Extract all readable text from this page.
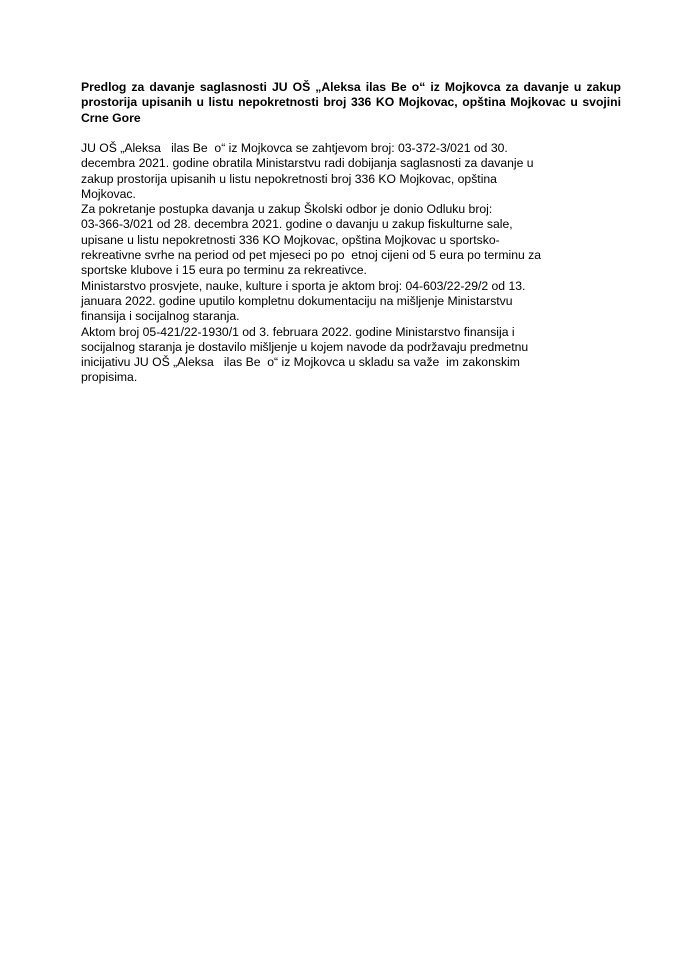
Predlog za davanje saglasnosti JU OŠ „Aleksa ilas Be o“ iz Mojkovca za davanje u zakup prostorija upisanih u listu nepokretnosti broj 336 KO Mojkovac, opština Mojkovac u svojini Crne Gore

JU OŠ „Aleksa   ilas Be  o“ iz Mojkovca se zahtjevom broj: 03-372-3/021 od 30.
decembra 2021. godine obratila Ministarstvu radi dobijanja saglasnosti za davanje u
zakup prostorija upisanih u listu nepokretnosti broj 336 KO Mojkovac, opština
Mojkovac.

Za pokretanje postupka davanja u zakup Školski odbor je donio Odluku broj:
03-366-3/021 od 28. decembra 2021. godine o davanju u zakup fiskulturne sale,
upisane u listu nepokretnosti 336 KO Mojkovac, opština Mojkovac u sportsko-
rekreativne svrhe na period od pet mjeseci po po  etnoj cijeni od 5 eura po terminu za
sportske klubove i 15 eura po terminu za rekreativce.

Ministarstvo prosvjete, nauke, kulture i sporta je aktom broj: 04-603/22-29/2 od 13.
januara 2022. godine uputilo kompletnu dokumentaciju na mišljenje Ministarstvu
finansija i socijalnog staranja.

Aktom broj 05-421/22-1930/1 od 3. februara 2022. godine Ministarstvo finansija i
socijalnog staranja je dostavilo mišljenje u kojem navode da podržavaju predmetnu
inicijativu JU OŠ „Aleksa   ilas Be  o“ iz Mojkovca u skladu sa važe  im zakonskim
propisima.
